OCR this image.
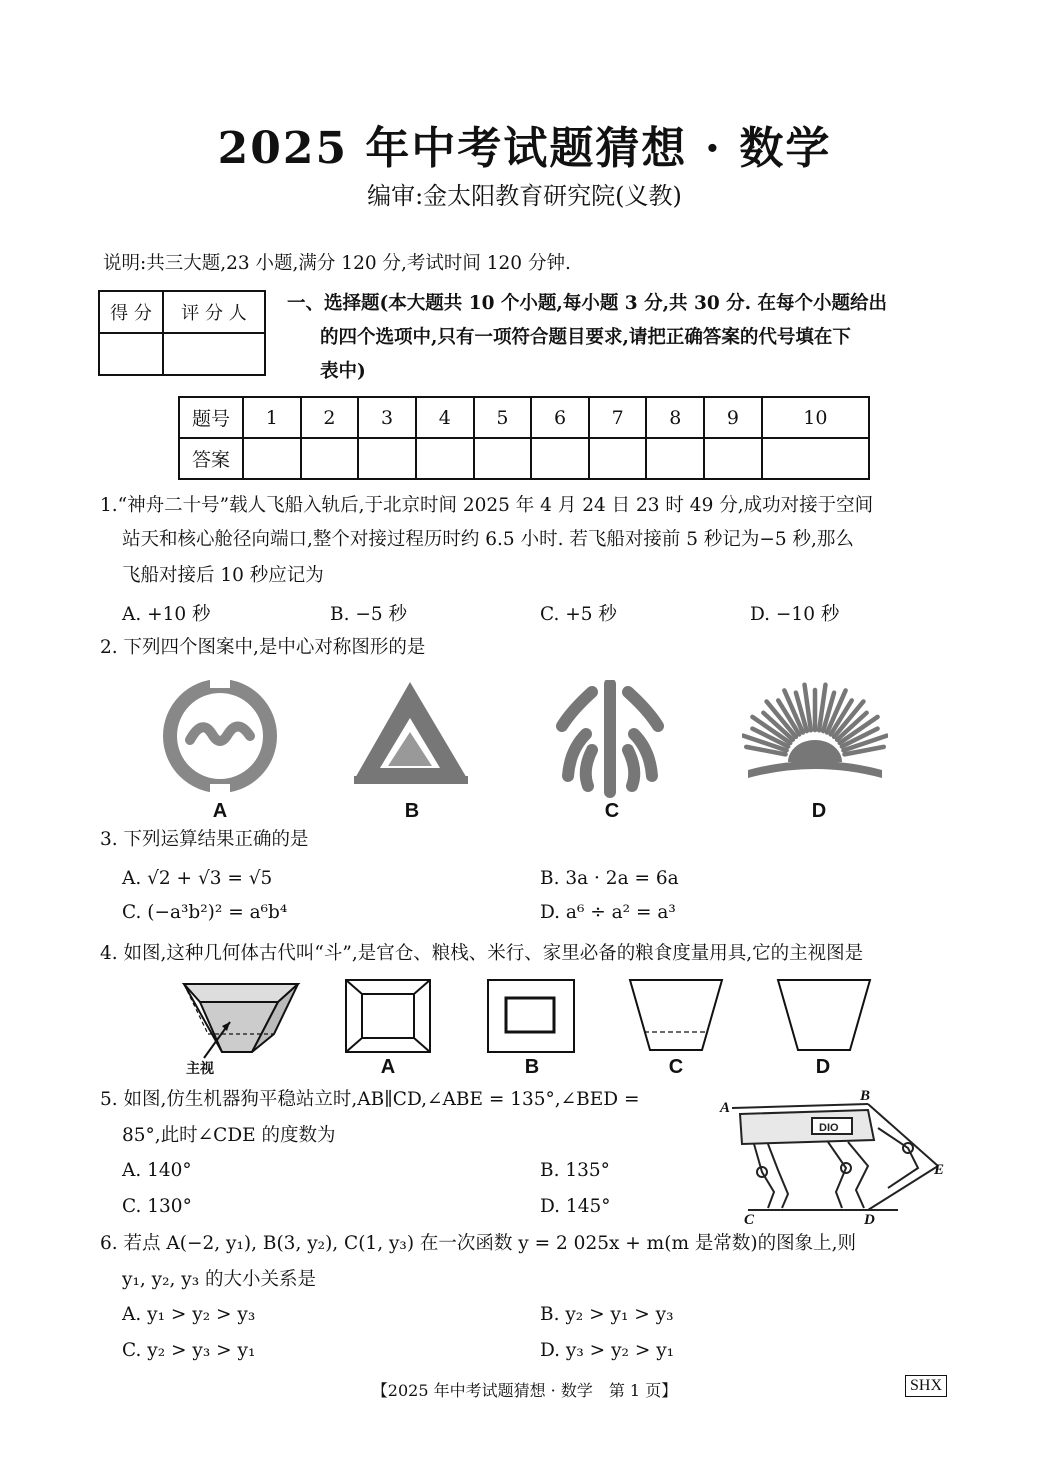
2025 年中考试题猜想 · 数学
编审:金太阳教育研究院(义教)
说明:共三大题,23 小题,满分 120 分,考试时间 120 分钟.
得 分	评 分 人
	一、选择题(本大题共 10 个小题,每小题 3 分,共 30 分. 在每个小题给出
的四个选项中,只有一项符合题目要求,请把正确答案的代号填在下
表中)
题号	1	2	3	4	5	6	7	8	9	10
答案										
1.“神舟二十号”载人飞船入轨后,于北京时间 2025 年 4 月 24 日 23 时 49 分,成功对接于空间
站天和核心舱径向端口,整个对接过程历时约 6.5 小时. 若飞船对接前 5 秒记为−5 秒,那么
飞船对接后 10 秒应记为
A. +10 秒	B. −5 秒	C. +5 秒	D. −10 秒
2. 下列四个图案中,是中心对称图形的是
A	B	C	D
3. 下列运算结果正确的是
A. √2 + √3 = √5	B. 3a · 2a = 6a
C. (−a³b²)² = a⁶b⁴	D. a⁶ ÷ a² = a³
4. 如图,这种几何体古代叫“斗”,是官仓、粮栈、米行、家里必备的粮食度量用具,它的主视图是
主视	A	B	C	D
5. 如图,仿生机器狗平稳站立时,AB∥CD,∠ABE = 135°,∠BED =
85°,此时∠CDE 的度数为
A. 140°	B. 135°
C. 130°	D. 145°
DIO
A
B
C	D
E
6. 若点 A(−2, y₁), B(3, y₂), C(1, y₃) 在一次函数 y = 2 025x + m(m 是常数)的图象上,则
y₁, y₂, y₃ 的大小关系是
A. y₁ > y₂ > y₃	B. y₂ > y₁ > y₃
C. y₂ > y₃ > y₁	D. y₃ > y₂ > y₁
【2025 年中考试题猜想 · 数学　第 1 页】	SHX
